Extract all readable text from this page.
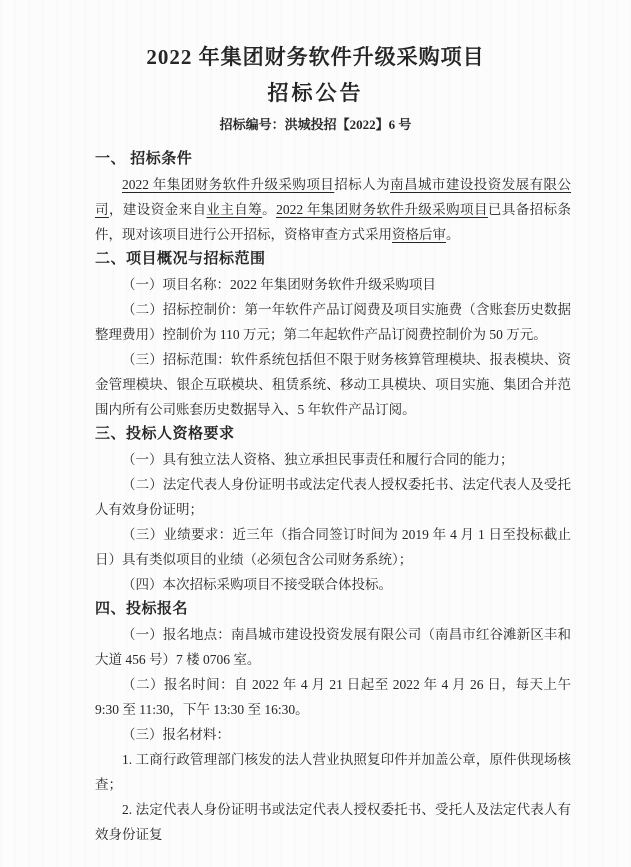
2022 年集团财务软件升级采购项目
招标公告
招标编号：洪城投招【2022】6 号
一、 招标条件
2022 年集团财务软件升级采购项目招标人为南昌城市建设投资发展有限公司，建设资金来自业主自筹。2022 年集团财务软件升级采购项目已具备招标条件，现对该项目进行公开招标，资格审查方式采用资格后审。
二、项目概况与招标范围
（一）项目名称：2022 年集团财务软件升级采购项目
（二）招标控制价：第一年软件产品订阅费及项目实施费（含账套历史数据整理费用）控制价为 110 万元；第二年起软件产品订阅费控制价为 50 万元。
（三）招标范围：软件系统包括但不限于财务核算管理模块、报表模块、资金管理模块、银企互联模块、租赁系统、移动工具模块、项目实施、集团合并范围内所有公司账套历史数据导入、5 年软件产品订阅。
三、投标人资格要求
（一）具有独立法人资格、独立承担民事责任和履行合同的能力；
（二）法定代表人身份证明书或法定代表人授权委托书、法定代表人及受托人有效身份证明；
（三）业绩要求：近三年（指合同签订时间为 2019 年 4 月 1 日至投标截止日）具有类似项目的业绩（必须包含公司财务系统）；
（四）本次招标采购项目不接受联合体投标。
四、投标报名
（一）报名地点：南昌城市建设投资发展有限公司（南昌市红谷滩新区丰和大道 456 号）7 楼 0706 室。
（二）报名时间：自 2022 年 4 月 21 日起至 2022 年 4 月 26 日，每天上午 9:30 至 11:30，下午 13:30 至 16:30。
（三）报名材料：
1. 工商行政管理部门核发的法人营业执照复印件并加盖公章，原件供现场核查；
2. 法定代表人身份证明书或法定代表人授权委托书、受托人及法定代表人有效身份证复
